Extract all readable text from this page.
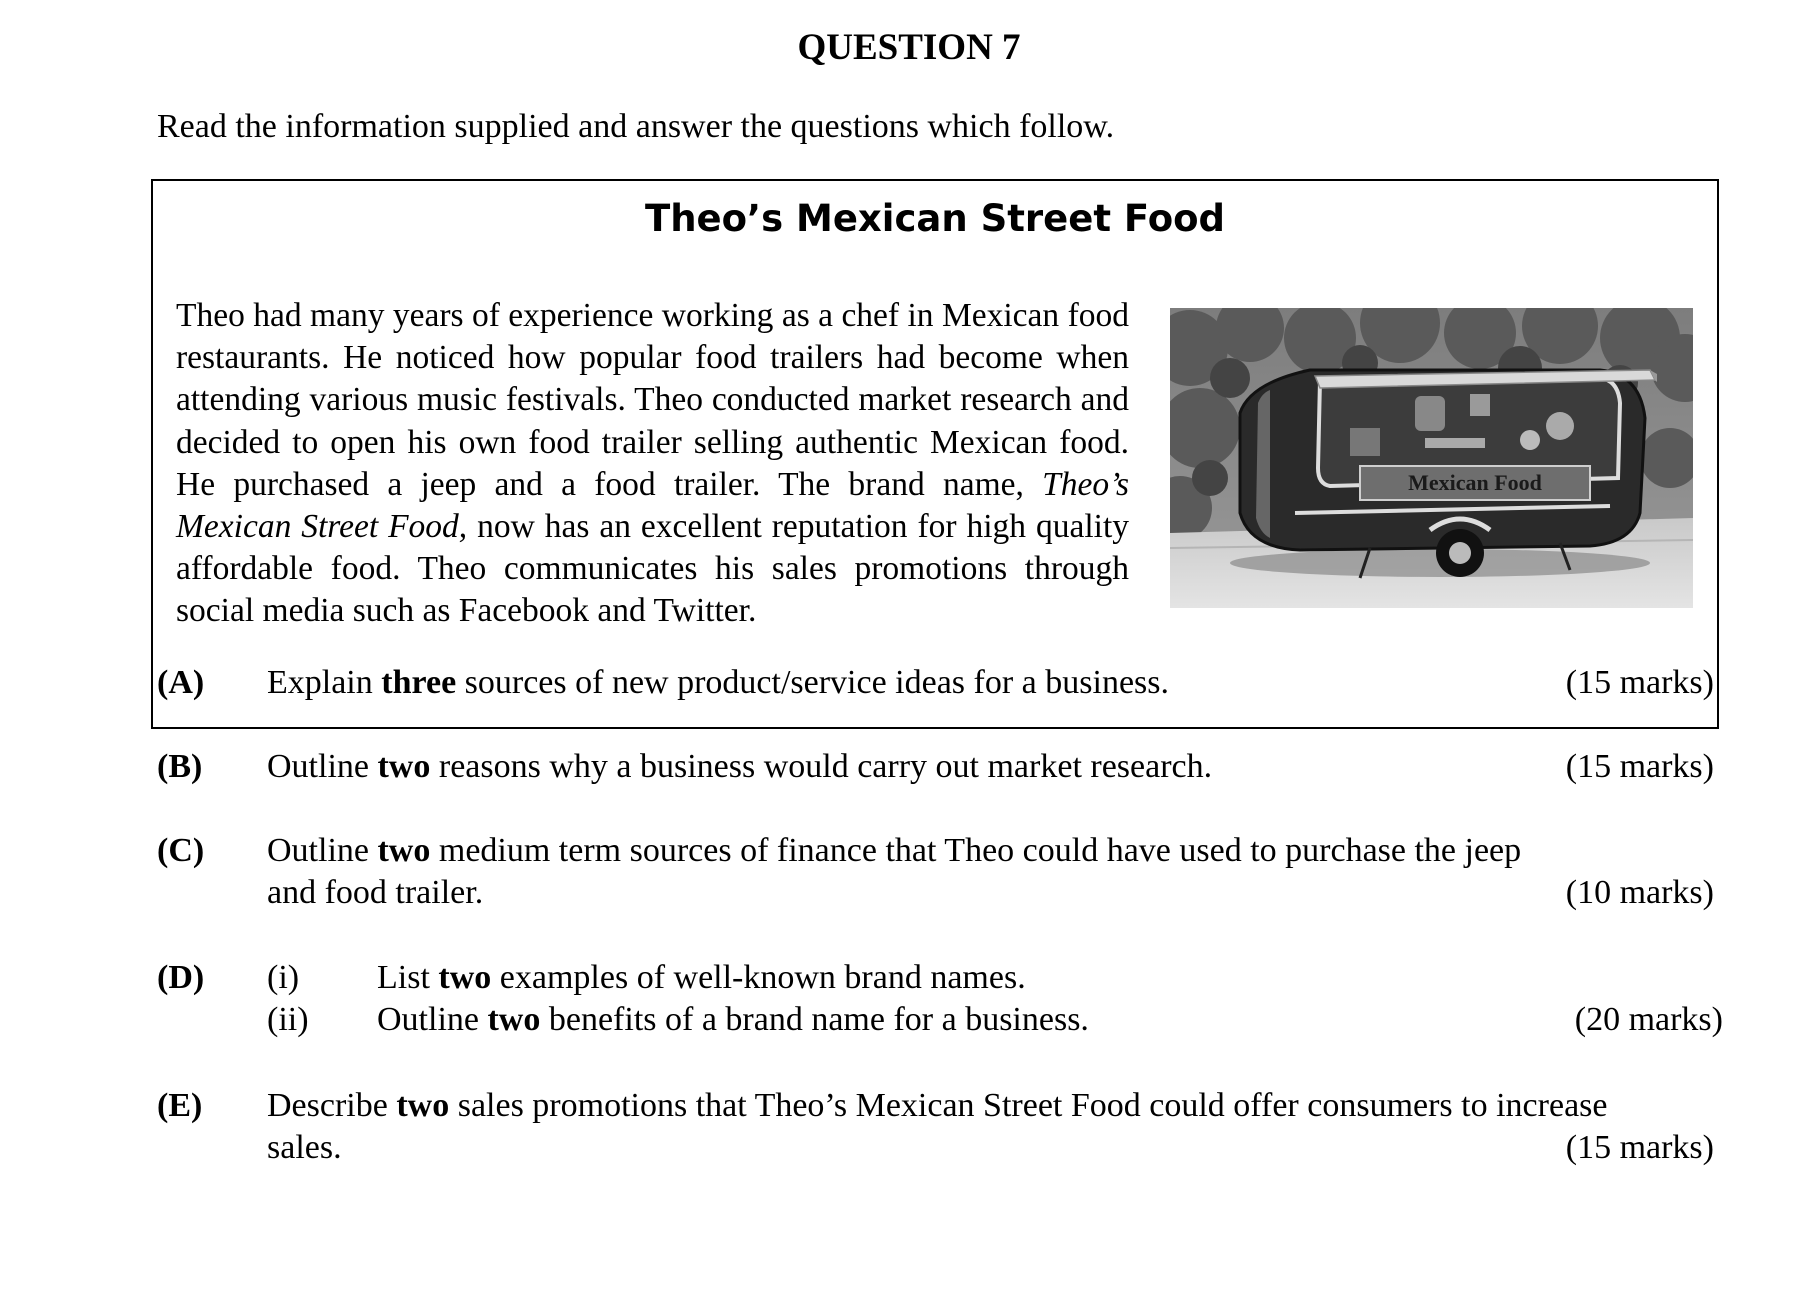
QUESTION 7
Read the information supplied and answer the questions which follow.
Theo’s Mexican Street Food
Theo had many years of experience working as a chef in Mexican food restaurants. He noticed how popular food trailers had become when attending various music festivals. Theo conducted market research and decided to open his own food trailer selling authentic Mexican food. He purchased a jeep and a food trailer. The brand name, Theo’s Mexican Street Food, now has an excellent reputation for high quality affordable food. Theo communicates his sales promotions through social media such as Facebook and Twitter.
Mexican Food
(A) Explain three sources of new product/service ideas for a business.	(15 marks)
(B) Outline two reasons why a business would carry out market research.	(15 marks)
(C) Outline two medium term sources of finance that Theo could have used to purchase the jeep
and food trailer.	(10 marks)
(D) (i) List two examples of well-known brand names.
(ii) Outline two benefits of a brand name for a business.	(20 marks)
(E) Describe two sales promotions that Theo’s Mexican Street Food could offer consumers to increase
sales.	(15 marks)
